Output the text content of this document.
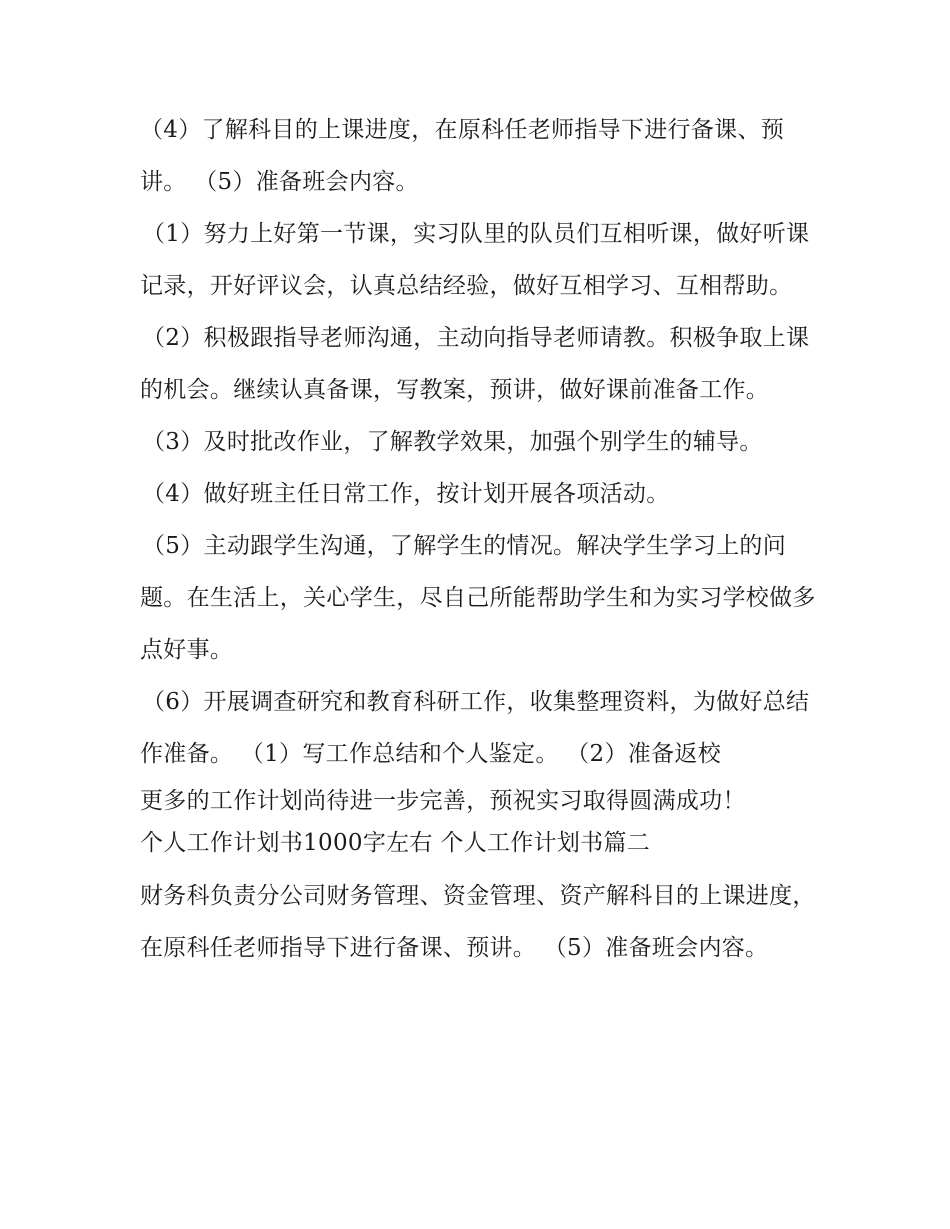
（4）了解科目的上课进度，在原科任老师指导下进行备课、预讲。 （5）准备班会内容。

（1）努力上好第一节课，实习队里的队员们互相听课，做好听课记录，开好评议会，认真总结经验，做好互相学习、互相帮助。

（2）积极跟指导老师沟通，主动向指导老师请教。积极争取上课的机会。继续认真备课，写教案，预讲，做好课前准备工作。

（3）及时批改作业，了解教学效果，加强个别学生的辅导。

（4）做好班主任日常工作，按计划开展各项活动。

（5）主动跟学生沟通，了解学生的情况。解决学生学习上的问题。在生活上，关心学生，尽自己所能帮助学生和为实习学校做多点好事。

（6）开展调查研究和教育科研工作，收集整理资料，为做好总结作准备。 （1）写工作总结和个人鉴定。 （2）准备返校

更多的工作计划尚待进一步完善，预祝实习取得圆满成功！

个人工作计划书1000字左右 个人工作计划书篇二

财务科负责分公司财务管理、资金管理、资产解科目的上课进度，在原科任老师指导下进行备课、预讲。 （5）准备班会内容。
